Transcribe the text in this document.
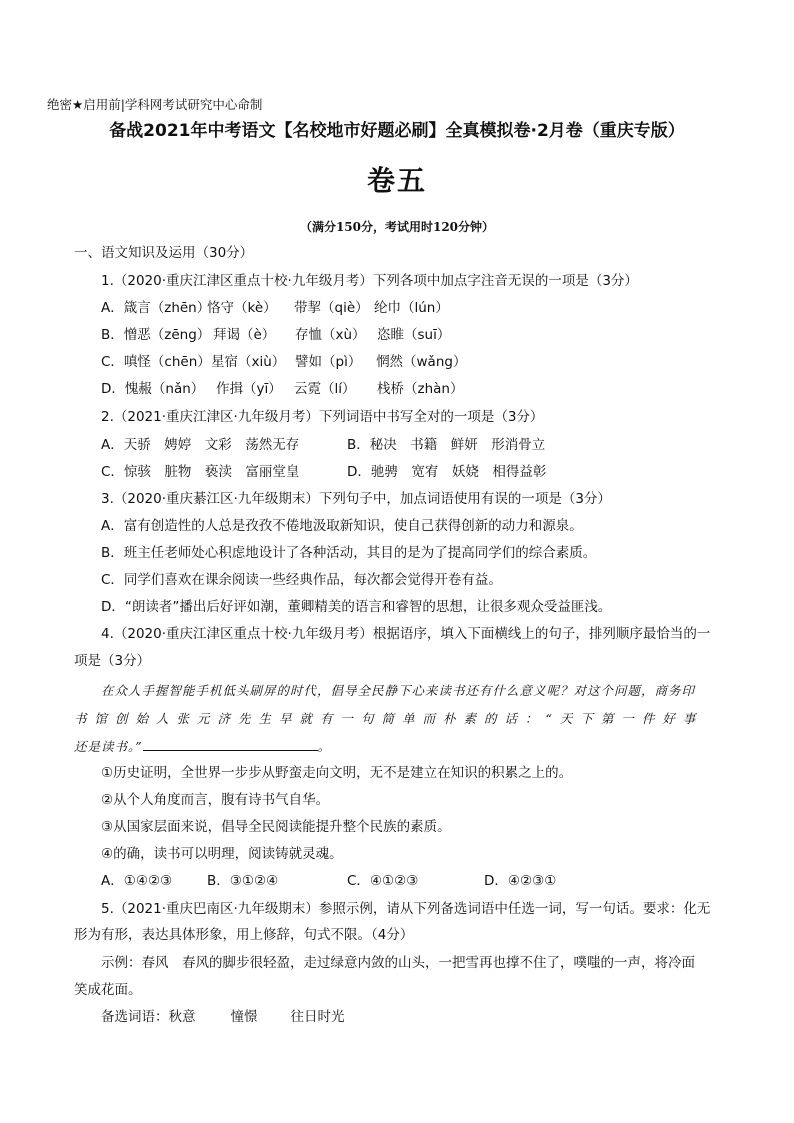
绝密★启用前|学科网考试研究中心命制
备战2021年中考语文【名校地市好题必刷】全真模拟卷·2月卷（重庆专版）
卷五
（满分150分，考试用时120分钟）
一、语文知识及运用（30分）
1.（2020·重庆江津区重点十校·九年级月考）下列各项中加点字注音无误的一项是（3分）
A．箴言（zhēn）恪守（kè） 带挈（qiè） 纶巾（lún）
B．憎恶（zēng） 拜谒（è） 存恤（xù） 恣睢（suī）
C．嗔怪（chēn）星宿（xiù） 譬如（pì） 惘然（wǎng）
D．愧赧（nǎn） 作揖（yī） 云霓（lí） 栈桥（zhàn）
2.（2021·重庆江津区·九年级月考）下列词语中书写全对的一项是（3分）
A．天骄　娉婷　文彩　荡然无存	B．秘决　书籍　鲜妍　形消骨立
C．惊骇　脏物　亵渎　富丽堂皇	D．驰骋　宽宥　妖娆　相得益彰
3.（2020·重庆綦江区·九年级期末）下列句子中，加点词语使用有误的一项是（3分）
A．富有创造性的人总是孜孜不倦地汲取新知识，使自己获得创新的动力和源泉。
B．班主任老师处心积虑地设计了各种活动，其目的是为了提高同学们的综合素质。
C．同学们喜欢在课余阅读一些经典作品，每次都会觉得开卷有益。
D．“朗读者”播出后好评如潮，董卿精美的语言和睿智的思想，让很多观众受益匪浅。
4.（2020·重庆江津区重点十校·九年级月考）根据语序，填入下面横线上的句子，排列顺序最恰当的一
项是（3分）
在众人手握智能手机低头刷屏的时代，倡导全民静下心来读书还有什么意义呢？对这个问题，商务印
书馆创始人张元济先生早就有一句简单而朴素的话：“天下第一件好事
还是读书。”	。
①历史证明，全世界一步步从野蛮走向文明，无不是建立在知识的积累之上的。
②从个人角度而言，腹有诗书气自华。
③从国家层面来说，倡导全民阅读能提升整个民族的素质。
④的确，读书可以明理，阅读铸就灵魂。
A．①④②③	B．③①②④	C．④①②③	D．④②③①
5.（2021·重庆巴南区·九年级期末）参照示例，请从下列备选词语中任选一词，写一句话。要求：化无
形为有形，表达具体形象，用上修辞，句式不限。（4分）
示例：春风　春风的脚步很轻盈，走过绿意内敛的山头，一把雪再也撑不住了，噗嗤的一声，将冷面
笑成花面。
备选词语：秋意	憧憬 往日时光
